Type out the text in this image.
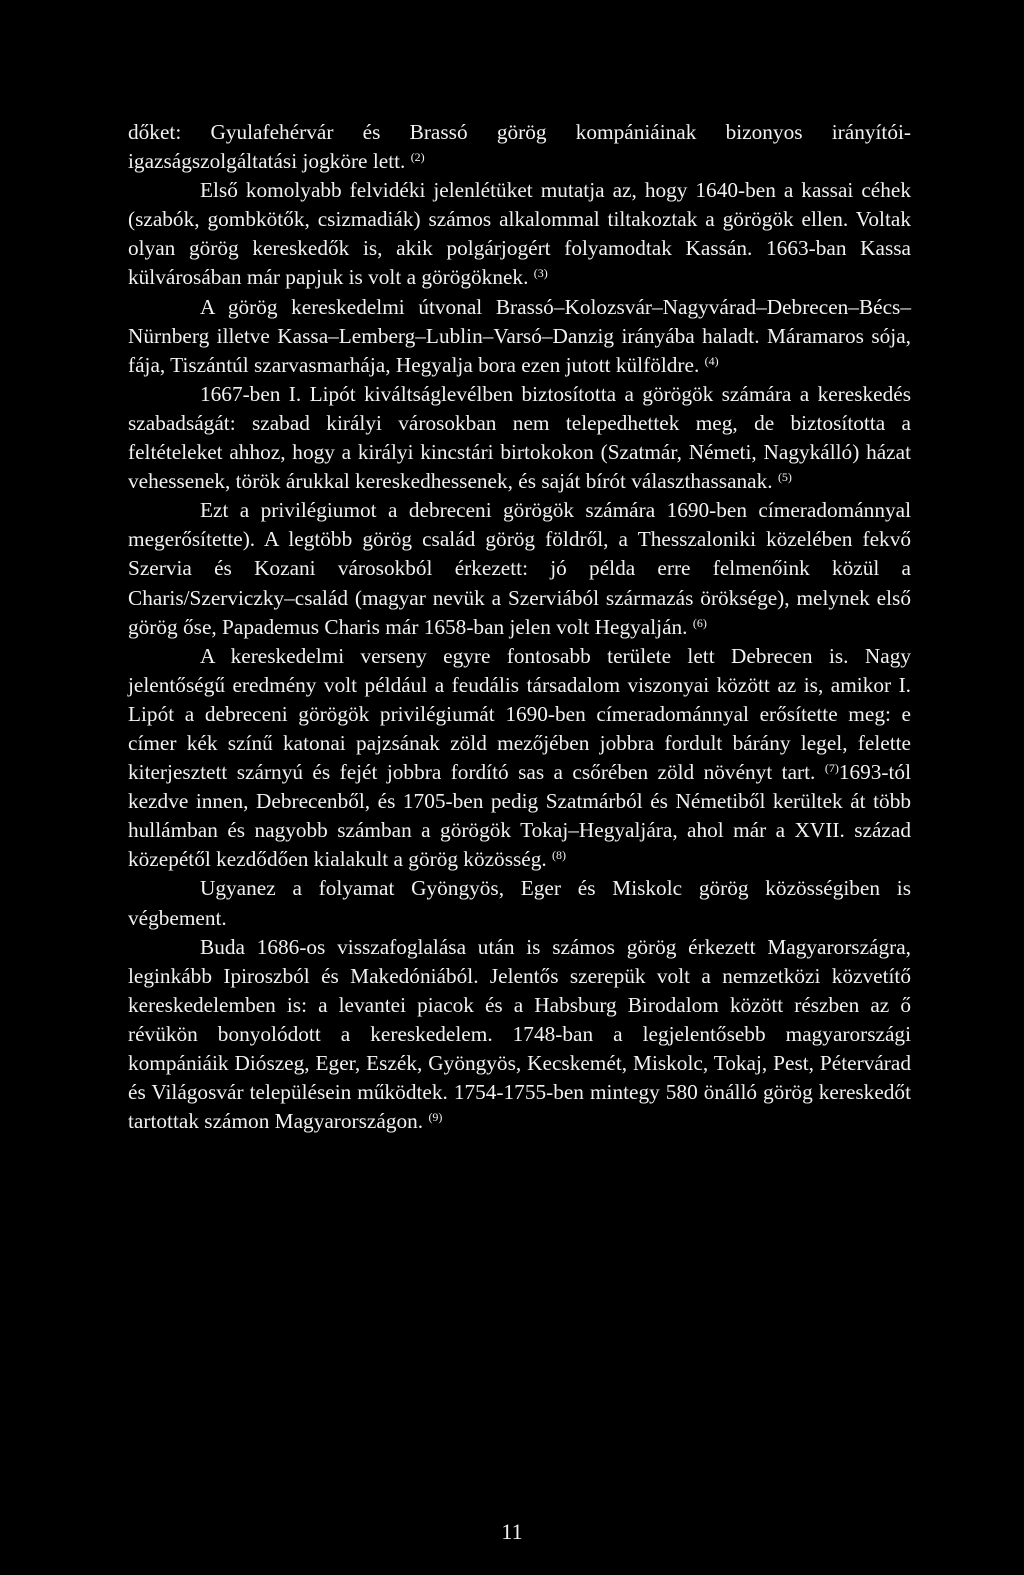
dőket: Gyulafehérvár és Brassó görög kompániáinak bizonyos irányítói-igazságszolgáltatási jogköre lett. $^{(2)}$

Első komolyabb felvidéki jelenlétüket mutatja az, hogy 1640-ben a kassai céhek (szabók, gombkötők, csizmadiák) számos alkalommal tiltakoztak a görögök ellen. Voltak olyan görög kereskedők is, akik polgárjogért folyamodtak Kassán. 1663-ban Kassa külvárosában már papjuk is volt a görögöknek. $^{(3)}$

A görög kereskedelmi útvonal Brassó–Kolozsvár–Nagyvárad–Debrecen–Bécs–Nürnberg illetve Kassa–Lemberg–Lublin–Varsó–Danzig irányába haladt. Máramaros sója, fája, Tiszántúl szarvasmarhája, Hegyalja bora ezen jutott külföldre. $^{(4)}$

1667-ben I. Lipót kiváltságlevélben biztosította a görögök számára a kereskedés szabadságát: szabad királyi városokban nem telepedhettek meg, de biztosította a feltételeket ahhoz, hogy a királyi kincstári birtokokon (Szatmár, Németi, Nagykálló) házat vehessenek, török árukkal kereskedhessenek, és saját bírót választhassanak. $^{(5)}$

Ezt a privilégiumot a debreceni görögök számára 1690-ben címeradománnyal megerősítette). A legtöbb görög család görög földről, a Thesszaloniki közelében fekvő Szervia és Kozani városokból érkezett: jó példa erre felmenőink közül a Charis/Szerviczky–család (magyar nevük a Szerviából származás öröksége), melynek első görög őse, Papademus Charis már 1658-ban jelen volt Hegyalján. $^{(6)}$

A kereskedelmi verseny egyre fontosabb területe lett Debrecen is. Nagy jelentőségű eredmény volt például a feudális társadalom viszonyai között az is, amikor I. Lipót a debreceni görögök privilégiumát 1690-ben címeradománnyal erősítette meg: e címer kék színű katonai pajzsának zöld mezőjében jobbra fordult bárány legel, felette kiterjesztett szárnyú és fejét jobbra fordító sas a csőrében zöld növényt tart. $^{(7)}$1693-tól kezdve innen, Debrecenből, és 1705-ben pedig Szatmárból és Németiből kerültek át több hullámban és nagyobb számban a görögök Tokaj–Hegyaljára, ahol már a XVII. század közepétől kezdődően kialakult a görög közösség. $^{(8)}$

Ugyanez a folyamat Gyöngyös, Eger és Miskolc görög közösségiben is végbement.

Buda 1686-os visszafoglalása után is számos görög érkezett Magyarországra, leginkább Ipiroszból és Makedóniából. Jelentős szerepük volt a nemzetközi közvetítő kereskedelemben is: a levantei piacok és a Habsburg Birodalom között részben az ő révükön bonyolódott a kereskedelem. 1748-ban a legjelentősebb magyarországi kompániáik Diószeg, Eger, Eszék, Gyöngyös, Kecskemét, Miskolc, Tokaj, Pest, Pétervárad és Világosvár településein működtek. 1754-1755-ben mintegy 580 önálló görög kereskedőt tartottak számon Magyarországon. $^{(9)}$

11
